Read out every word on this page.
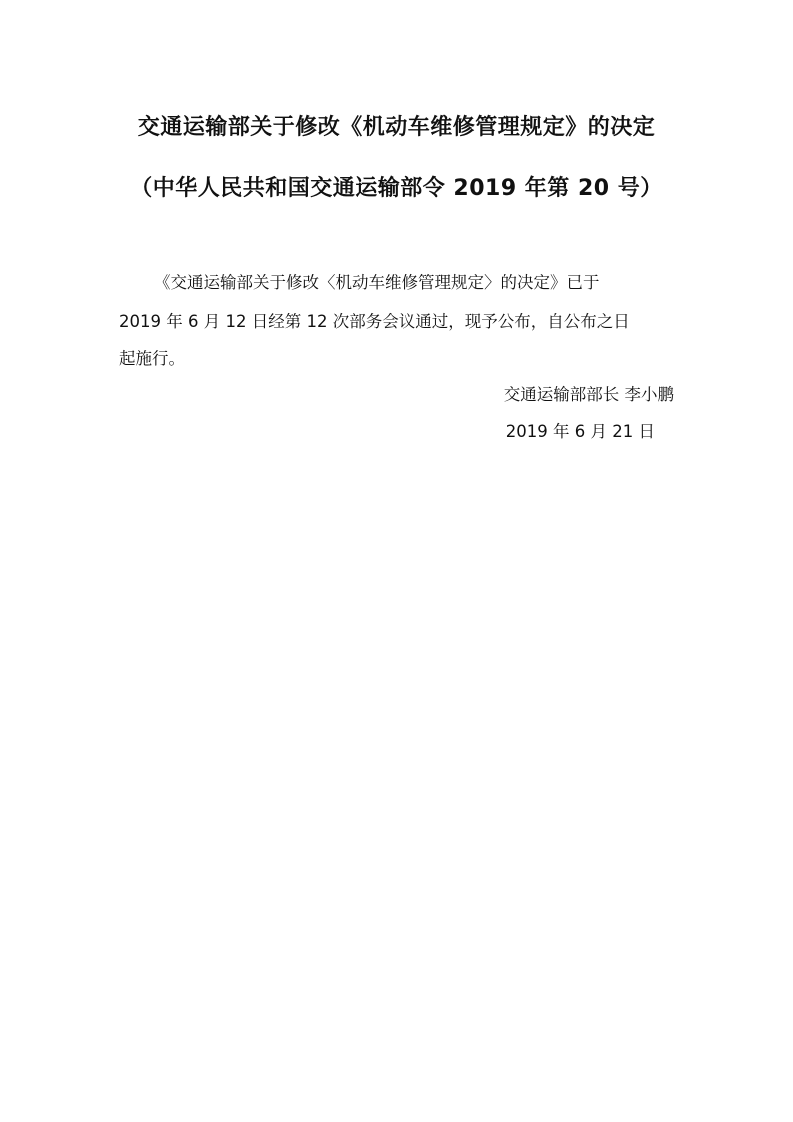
交通运输部关于修改《机动车维修管理规定》的决定
（中华人民共和国交通运输部令 2019 年第 20 号）
《交通运输部关于修改〈机动车维修管理规定〉的决定》已于
2019 年 6 月 12 日经第 12 次部务会议通过，现予公布，自公布之日
起施行。
交通运输部部长 李小鹏
2019 年 6 月 21 日
